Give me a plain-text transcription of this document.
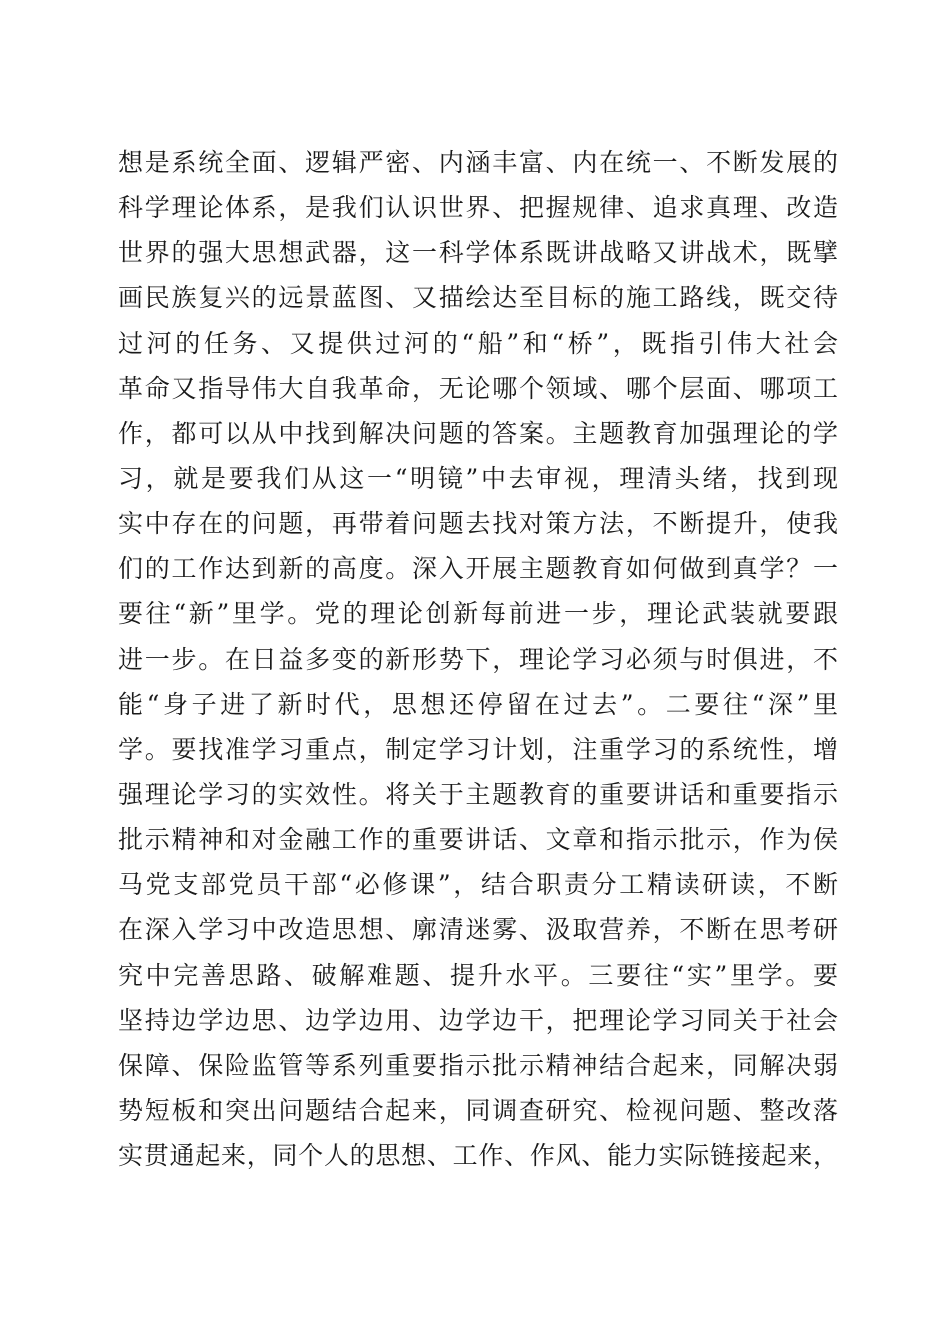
想是系统全面、逻辑严密、内涵丰富、内在统一、不断发展的
科学理论体系，是我们认识世界、把握规律、追求真理、改造
世界的强大思想武器，这一科学体系既讲战略又讲战术，既擘
画民族复兴的远景蓝图、又描绘达至目标的施工路线，既交待
过河的任务、又提供过河的“船”和“桥”，既指引伟大社会
革命又指导伟大自我革命，无论哪个领域、哪个层面、哪项工
作，都可以从中找到解决问题的答案。主题教育加强理论的学
习，就是要我们从这一“明镜”中去审视，理清头绪，找到现
实中存在的问题，再带着问题去找对策方法，不断提升，使我
们的工作达到新的高度。深入开展主题教育如何做到真学？一
要往“新”里学。党的理论创新每前进一步，理论武装就要跟
进一步。在日益多变的新形势下，理论学习必须与时俱进，不
能“身子进了新时代，思想还停留在过去”。二要往“深”里
学。要找准学习重点，制定学习计划，注重学习的系统性，增
强理论学习的实效性。将关于主题教育的重要讲话和重要指示
批示精神和对金融工作的重要讲话、文章和指示批示，作为侯
马党支部党员干部“必修课”，结合职责分工精读研读，不断
在深入学习中改造思想、廓清迷雾、汲取营养，不断在思考研
究中完善思路、破解难题、提升水平。三要往“实”里学。要
坚持边学边思、边学边用、边学边干，把理论学习同关于社会
保障、保险监管等系列重要指示批示精神结合起来，同解决弱
势短板和突出问题结合起来，同调查研究、检视问题、整改落
实贯通起来，同个人的思想、工作、作风、能力实际链接起来，
